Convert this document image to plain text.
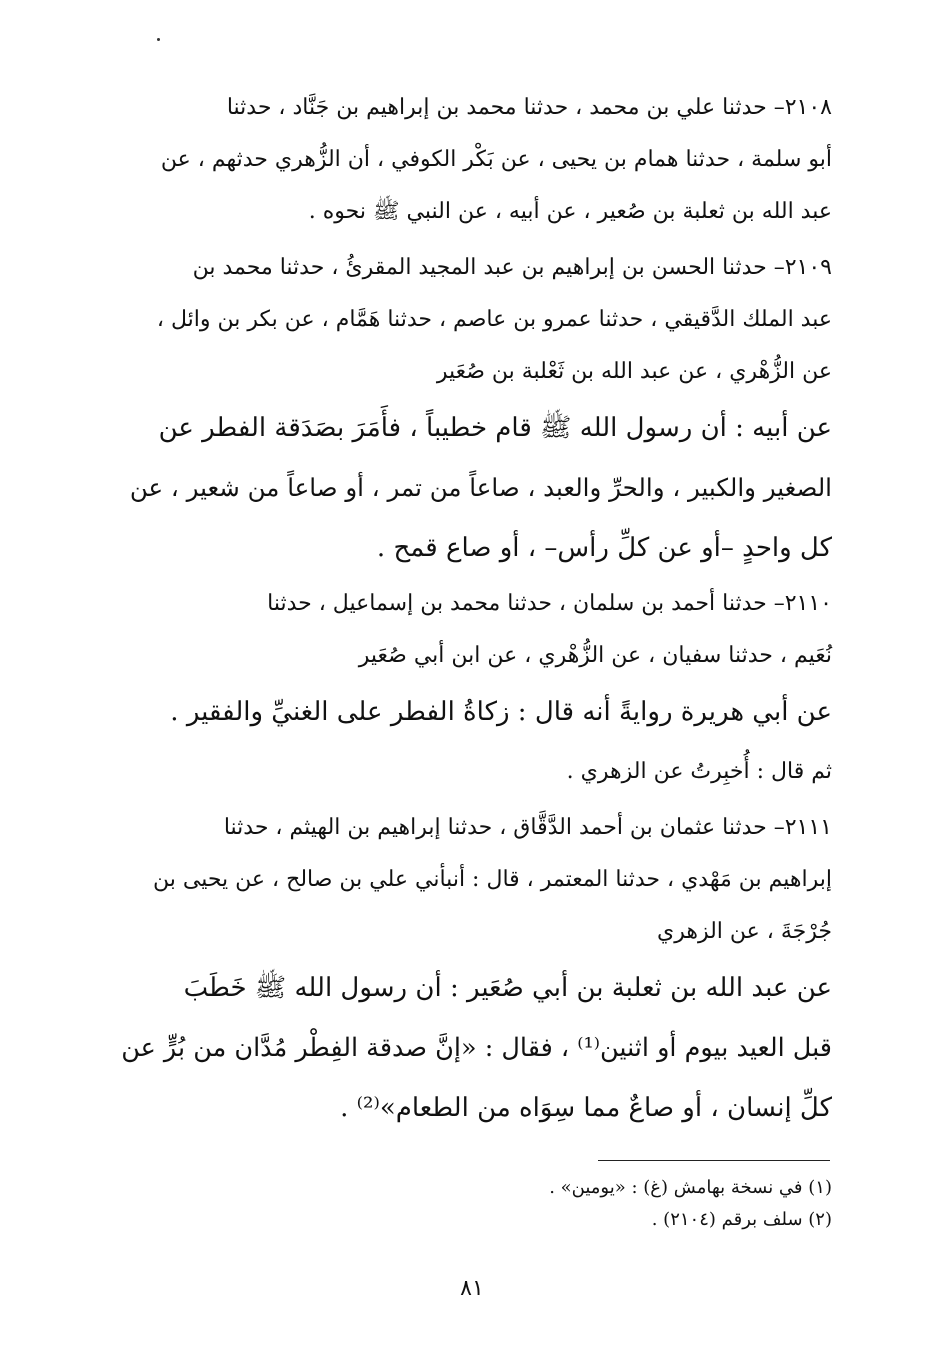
٢١٠٨– حدثنا علي بن محمد ، حدثنا محمد بن إبراهيم بن جَنَّاد ، حدثنا
أبو سلمة ، حدثنا همام بن يحيى ، عن بَكْر الكوفي ، أن الزُّهري حدثهم ، عن
عبد الله بن ثعلبة بن صُعير ، عن أبيه ، عن النبي ﷺ نحوه .
٢١٠٩– حدثنا الحسن بن إبراهيم بن عبد المجيد المقرئُ ، حدثنا محمد بن
عبد الملك الدَّقيقي ، حدثنا عمرو بن عاصم ، حدثنا هَمَّام ، عن بكر بن وائل ،
عن الزُّهْري ، عن عبد الله بن ثَعْلبة بن صُعَير
عن أبيه : أن رسول الله ﷺ قام خطيباً ، فأَمَرَ بصَدَقة الفطر عن
الصغير والكبير ، والحرِّ والعبد ، صاعاً من تمر ، أو صاعاً من شعير ، عن
كل واحدٍ –أو عن كلِّ رأس– ، أو صاع قمح .
٢١١٠– حدثنا أحمد بن سلمان ، حدثنا محمد بن إسماعيل ، حدثنا
نُعَيم ، حدثنا سفيان ، عن الزُّهْري ، عن ابن أبي صُعَير
عن أبي هريرة روايةً أنه قال : زكاةُ الفطر على الغنيِّ والفقير .
ثم قال : أُخبِرتُ عن الزهري .
٢١١١– حدثنا عثمان بن أحمد الدَّقَّاق ، حدثنا إبراهيم بن الهيثم ، حدثنا
إبراهيم بن مَهْدي ، حدثنا المعتمر ، قال : أنبأني علي بن صالح ، عن يحيى بن
جُرْجَةَ ، عن الزهري
عن عبد الله بن ثعلبة بن أبي صُعَير : أن رسول الله ﷺ خَطَبَ
قبل العيد بيوم أو اثنين⁽¹⁾ ، فقال : «إنَّ صدقة الفِطْر مُدَّان من بُرٍّ عن
كلِّ إنسان ، أو صاعٌ مما سِوَاه من الطعام»⁽²⁾ .
(١) في نسخة بهامش (غ) : «يومين» .
(٢) سلف برقم (٢١٠٤) .
٨١
